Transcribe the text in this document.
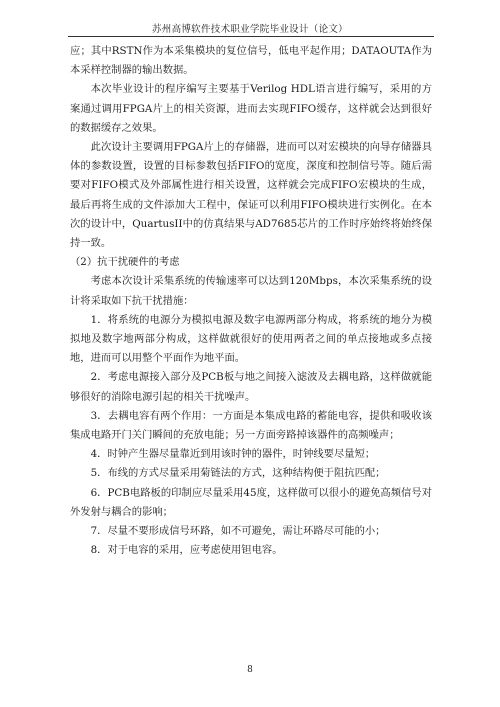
苏州高博软件技术职业学院毕业设计（论文）

应；其中RSTN作为本采集模块的复位信号，低电平起作用；DATAOUTA作为本采样控制器的输出数据。

本次毕业设计的程序编写主要基于Verilog HDL语言进行编写，采用的方案通过调用FPGA片上的相关资源，进而去实现FIFO缓存，这样就会达到很好的数据缓存之效果。

此次设计主要调用FPGA片上的存储器，进而可以对宏模块的向导存储器具体的参数设置，设置的目标参数包括FIFO的宽度，深度和控制信号等。随后需要对FIFO模式及外部属性进行相关设置，这样就会完成FIFO宏模块的生成，最后再将生成的文件添加大工程中，保证可以利用FIFO模块进行实例化。在本次的设计中，QuartusII中的仿真结果与AD7685芯片的工作时序始终将始终保持一致。

（2）抗干扰硬件的考虑

考虑本次设计采集系统的传输速率可以达到120Mbps，本次采集系统的设计将采取如下抗干扰措施：

1．将系统的电源分为模拟电源及数字电源两部分构成，将系统的地分为模拟地及数字地两部分构成，这样做就很好的使用两者之间的单点接地或多点接地，进而可以用整个平面作为地平面。

2．考虑电源接入部分及PCB板与地之间接入滤波及去耦电路，这样做就能够很好的消除电源引起的相关干扰噪声。

3．去耦电容有两个作用：一方面是本集成电路的蓄能电容，提供和吸收该集成电路开门关门瞬间的充放电能；另一方面旁路掉该器件的高频噪声；

4．时钟产生器尽量靠近到用该时钟的器件，时钟线要尽量短；

5．布线的方式尽量采用菊链法的方式，这种结构便于阻抗匹配；

6．PCB电路板的印制应尽量采用45度，这样做可以很小的避免高频信号对外发射与耦合的影响；

7．尽量不要形成信号环路，如不可避免，需让环路尽可能的小；

8．对于电容的采用，应考虑使用钽电容。

8
